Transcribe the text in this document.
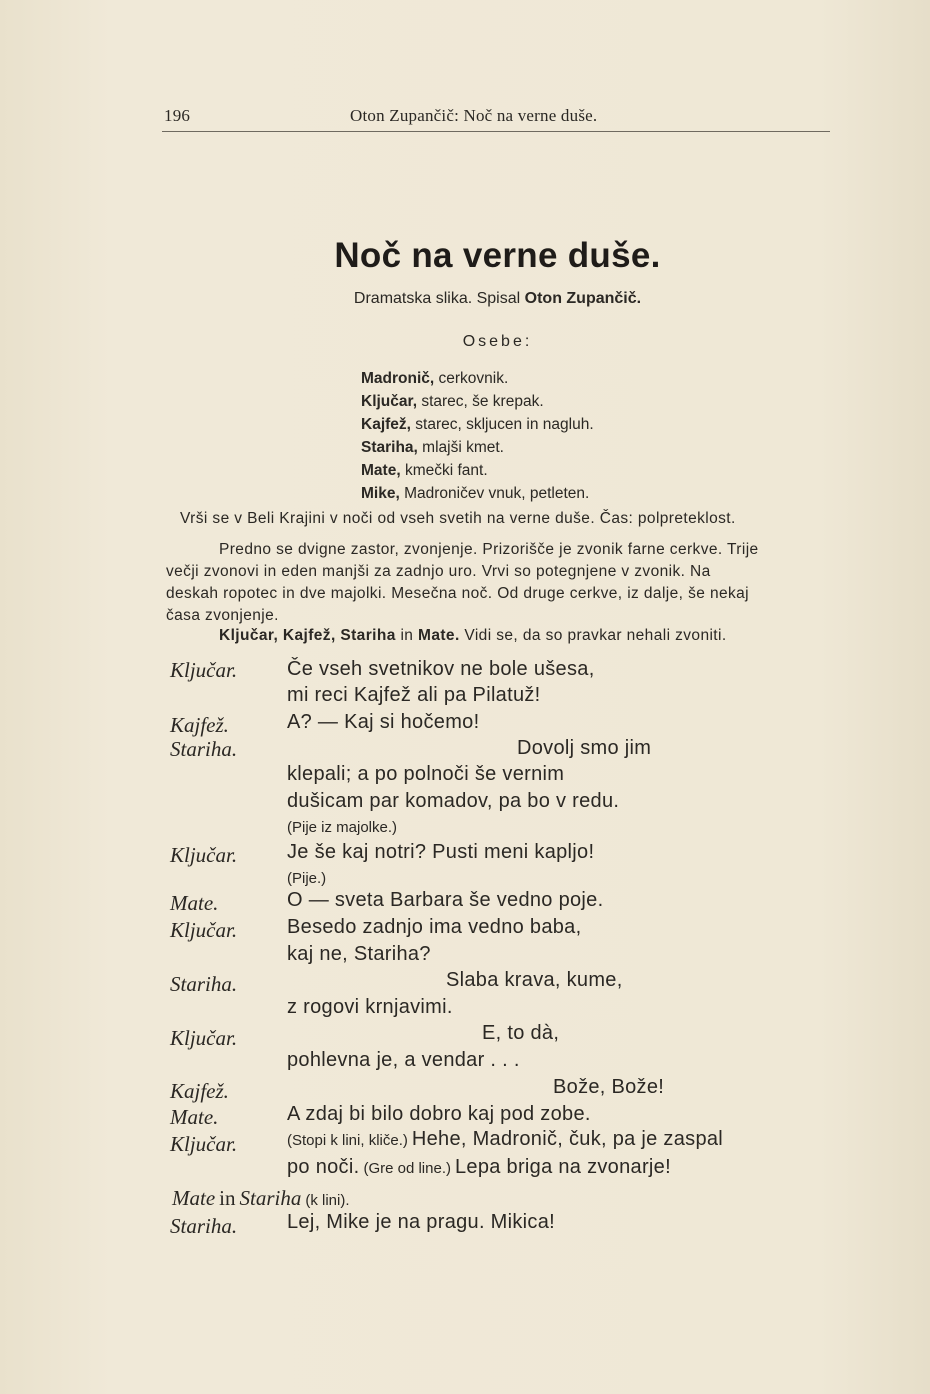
196	Oton Zupančič: Noč na verne duše.
Noč na verne duše.
Dramatska slika. Spisal Oton Zupančič.
Osebe:
Madronič, cerkovnik.
Ključar, starec, še krepak.
Kajfež, starec, skljucen in nagluh.
Stariha, mlajši kmet.
Mate, kmečki fant.
Mike, Madroničev vnuk, petleten.
Vrši se v Beli Krajini v noči od vseh svetih na verne duše. Čas: polpreteklost.
Predno se dvigne zastor, zvonjenje. Prizorišče je zvonik farne cerkve. Trije
večji zvonovi in eden manjši za zadnjo uro. Vrvi so potegnjene v zvonik. Na
deskah ropotec in dve majolki. Mesečna noč. Od druge cerkve, iz dalje, še nekaj
časa zvonjenje.
Ključar, Kajfež, Stariha in Mate. Vidi se, da so pravkar nehali zvoniti.
Ključar. Če vseh svetnikov ne bole ušesa,
mi reci Kajfež ali pa Pilatuž!
Kajfež.	A? — Kaj si hočemo!
Stariha.	Dovolj smo jim
klepali; a po polnoči še vernim
dušicam par komadov, pa bo v redu.
(Pije iz majolke.)
Ključar. Je še kaj notri? Pusti meni kapljo!
(Pije.)
Mate.	O — sveta Barbara še vedno poje.
Ključar. Besedo zadnjo ima vedno baba,
kaj ne, Stariha?
Stariha.	Slaba krava, kume,
z rogovi krnjavimi.
Ključar.	E, to dà,
pohlevna je, a vendar . . .
Kajfež.	Bože, Bože!
Mate.	A zdaj bi bilo dobro kaj pod zobe.
Ključar.	(Stopi k lini, kliče.) Hehe, Madronič, čuk, pa je zaspal
po noči. (Gre od line.) Lepa briga na zvonarje!
Mate in Stariha (k lini).
Stariha. Lej, Mike je na pragu. Mikica!
